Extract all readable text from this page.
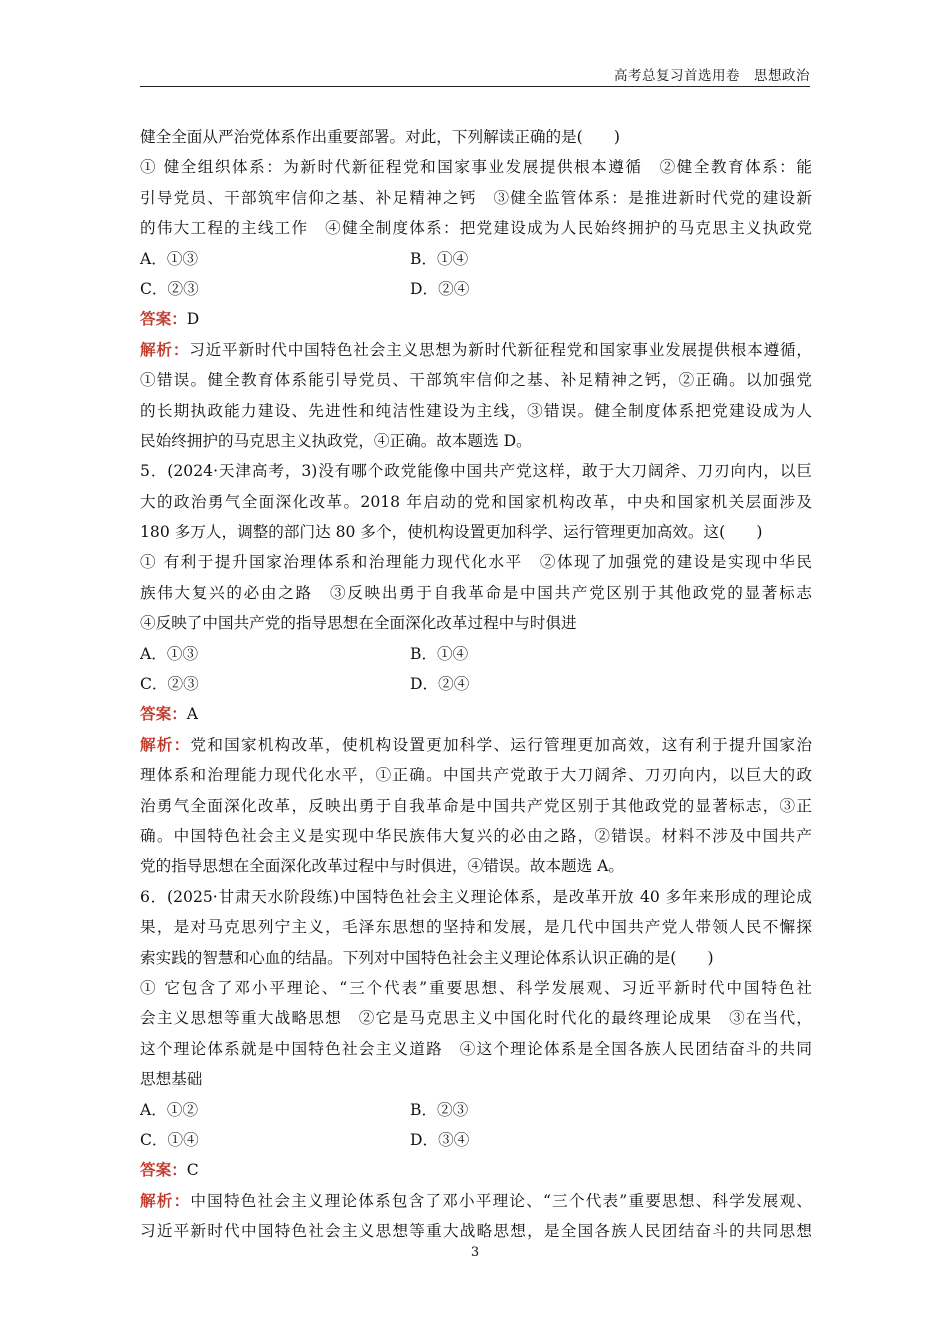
高考总复习首选用卷　思想政治
健全全面从严治党体系作出重要部署。对此，下列解读正确的是(　　)
① 健全组织体系：为新时代新征程党和国家事业发展提供根本遵循　②健全教育体系：能
引导党员、干部筑牢信仰之基、补足精神之钙　③健全监管体系：是推进新时代党的建设新
的伟大工程的主线工作　④健全制度体系：把党建设成为人民始终拥护的马克思主义执政党
A．①③	B．①④
C．②③	D．②④
答案：D
解析：习近平新时代中国特色社会主义思想为新时代新征程党和国家事业发展提供根本遵循，
①错误。健全教育体系能引导党员、干部筑牢信仰之基、补足精神之钙，②正确。以加强党
的长期执政能力建设、先进性和纯洁性建设为主线，③错误。健全制度体系把党建设成为人
民始终拥护的马克思主义执政党，④正确。故本题选 D。
5．(2024·天津高考，3)没有哪个政党能像中国共产党这样，敢于大刀阔斧、刀刃向内，以巨
大的政治勇气全面深化改革。2018 年启动的党和国家机构改革，中央和国家机关层面涉及
180 多万人，调整的部门达 80 多个，使机构设置更加科学、运行管理更加高效。这(　　)
① 有利于提升国家治理体系和治理能力现代化水平　②体现了加强党的建设是实现中华民
族伟大复兴的必由之路　③反映出勇于自我革命是中国共产党区别于其他政党的显著标志
④反映了中国共产党的指导思想在全面深化改革过程中与时俱进
A．①③	B．①④
C．②③	D．②④
答案：A
解析：党和国家机构改革，使机构设置更加科学、运行管理更加高效，这有利于提升国家治
理体系和治理能力现代化水平，①正确。中国共产党敢于大刀阔斧、刀刃向内，以巨大的政
治勇气全面深化改革，反映出勇于自我革命是中国共产党区别于其他政党的显著标志，③正
确。中国特色社会主义是实现中华民族伟大复兴的必由之路，②错误。材料不涉及中国共产
党的指导思想在全面深化改革过程中与时俱进，④错误。故本题选 A。
6．(2025·甘肃天水阶段练)中国特色社会主义理论体系，是改革开放 40 多年来形成的理论成
果，是对马克思列宁主义，毛泽东思想的坚持和发展，是几代中国共产党人带领人民不懈探
索实践的智慧和心血的结晶。下列对中国特色社会主义理论体系认识正确的是(　　)
① 它包含了邓小平理论、“三个代表”重要思想、科学发展观、习近平新时代中国特色社
会主义思想等重大战略思想　②它是马克思主义中国化时代化的最终理论成果　③在当代，
这个理论体系就是中国特色社会主义道路　④这个理论体系是全国各族人民团结奋斗的共同
思想基础
A．①②	B．②③
C．①④	D．③④
答案：C
解析：中国特色社会主义理论体系包含了邓小平理论、“三个代表”重要思想、科学发展观、
习近平新时代中国特色社会主义思想等重大战略思想，是全国各族人民团结奋斗的共同思想
3
